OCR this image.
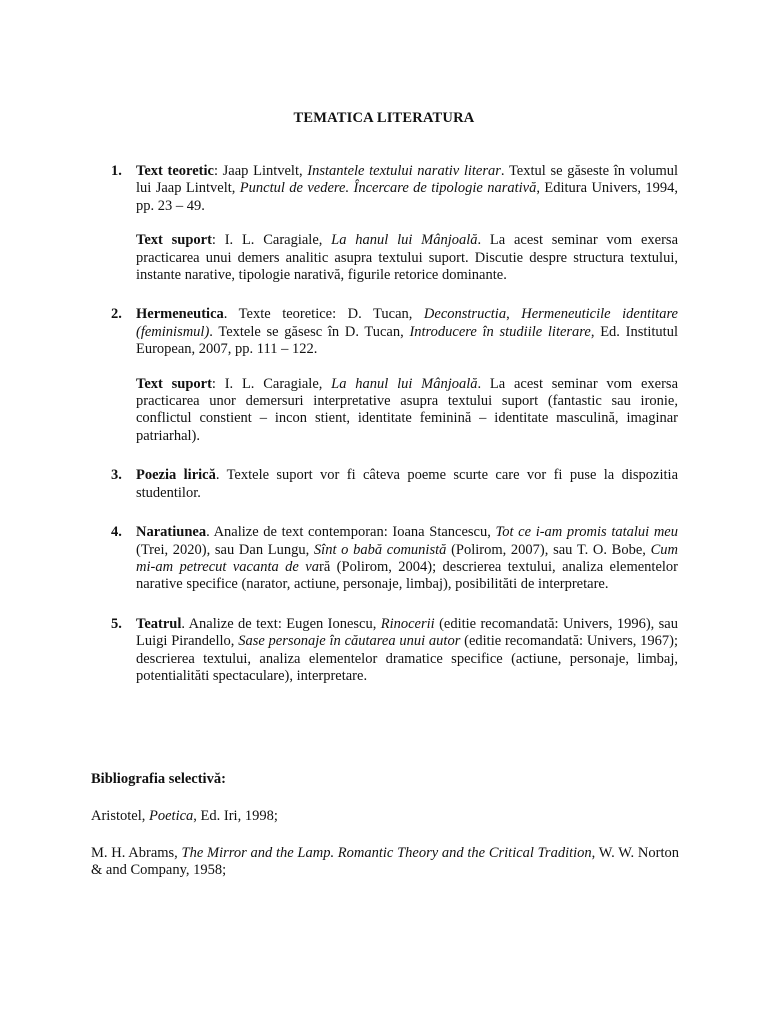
TEMATICA LITERATURA
1. Text teoretic: Jaap Lintvelt, Instantele textului narativ literar. Textul se găseste în volumul lui Jaap Lintvelt, Punctul de vedere. Încercare de tipologie narativă, Editura Univers, 1994, pp. 23 – 49.

Text suport: I. L. Caragiale, La hanul lui Mânjoală. La acest seminar vom exersa practicarea unui demers analitic asupra textului suport. Discutie despre structura textului, instante narative, tipologie narativă, figurile retorice dominante.

2. Hermeneutica. Texte teoretice: D. Tucan, Deconstructia, Hermeneuticile identitare (feminismul). Textele se găsesc în D. Tucan, Introducere în studiile literare, Ed. Institutul European, 2007, pp. 111 – 122.

Text suport: I. L. Caragiale, La hanul lui Mânjoală. La acest seminar vom exersa practicarea unor demersuri interpretative asupra textului suport (fantastic sau ironie, conflictul constient – incon stient, identitate feminină – identitate masculină, imaginar patriarhal).

3. Poezia lirică. Textele suport vor fi câteva poeme scurte care vor fi puse la dispozitia studentilor.

4. Naratiunea. Analize de text contemporan: Ioana Stancescu, Tot ce i-am promis tatalui meu (Trei, 2020), sau Dan Lungu, Sînt o babă comunistă (Polirom, 2007), sau T. O. Bobe, Cum mi-am petrecut vacanta de vară (Polirom, 2004); descrierea textului, analiza elementelor narative specifice (narator, actiune, personaje, limbaj), posibilităti de interpretare.

5. Teatrul. Analize de text: Eugen Ionescu, Rinocerii (editie recomandată: Univers, 1996), sau Luigi Pirandello, Sase personaje în căutarea unui autor (editie recomandată: Univers, 1967); descrierea textului, analiza elementelor dramatice specifice (actiune, personaje, limbaj, potentialităti spectaculare), interpretare.

Bibliografia selectivă:
Aristotel, Poetica, Ed. Iri, 1998;
M. H. Abrams, The Mirror and the Lamp. Romantic Theory and the Critical Tradition, W. W. Norton & and Company, 1958;
